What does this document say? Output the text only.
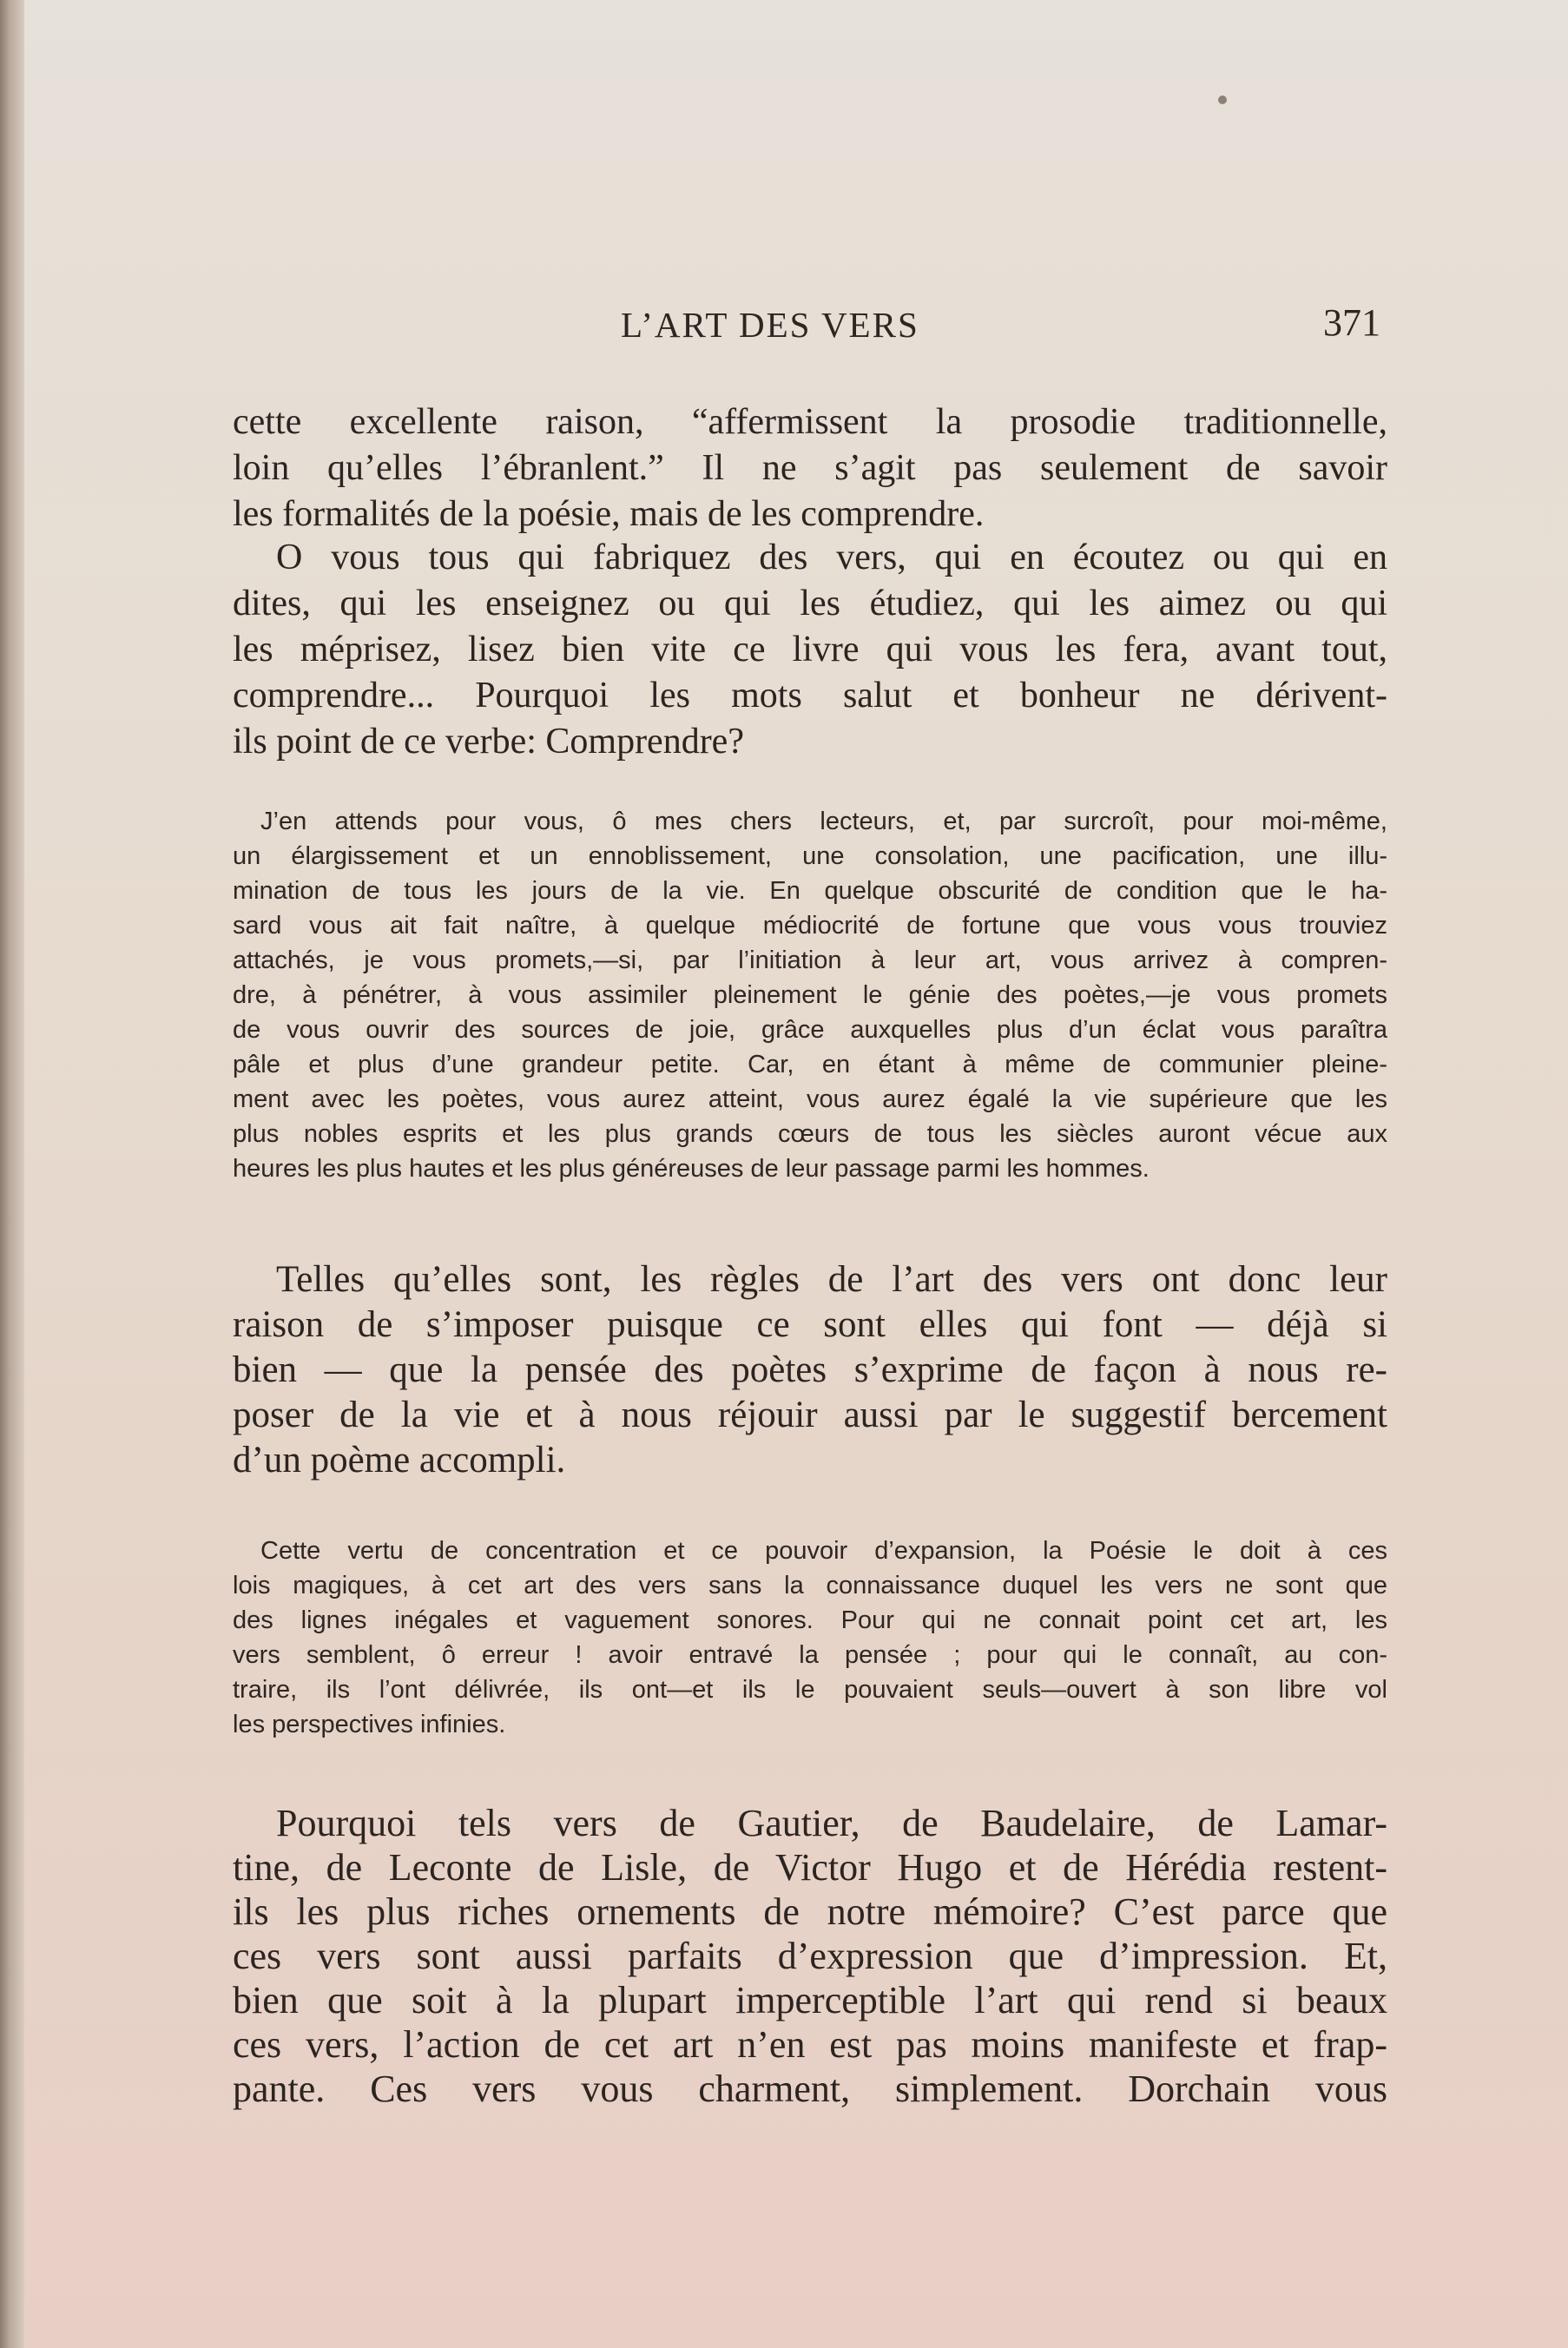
L’ART DES VERS	371
cette excellente raison, “affermissent la prosodie traditionnelle,
loin qu’elles l’ébranlent.” Il ne s’agit pas seulement de savoir
les formalités de la poésie, mais de les comprendre.
O vous tous qui fabriquez des vers, qui en écoutez ou qui en
dites, qui les enseignez ou qui les étudiez, qui les aimez ou qui
les méprisez, lisez bien vite ce livre qui vous les fera, avant tout,
comprendre... Pourquoi les mots salut et bonheur ne dérivent-
ils point de ce verbe: Comprendre?
J’en attends pour vous, ô mes chers lecteurs, et, par surcroît, pour moi-même,
un élargissement et un ennoblissement, une consolation, une pacification, une illu-
mination de tous les jours de la vie. En quelque obscurité de condition que le ha-
sard vous ait fait naître, à quelque médiocrité de fortune que vous vous trouviez
attachés, je vous promets,—si, par l’initiation à leur art, vous arrivez à compren-
dre, à pénétrer, à vous assimiler pleinement le génie des poètes,—je vous promets
de vous ouvrir des sources de joie, grâce auxquelles plus d’un éclat vous paraîtra
pâle et plus d’une grandeur petite. Car, en étant à même de communier pleine-
ment avec les poètes, vous aurez atteint, vous aurez égalé la vie supérieure que les
plus nobles esprits et les plus grands cœurs de tous les siècles auront vécue aux
heures les plus hautes et les plus généreuses de leur passage parmi les hommes.
Telles qu’elles sont, les règles de l’art des vers ont donc leur
raison de s’imposer puisque ce sont elles qui font — déjà si
bien — que la pensée des poètes s’exprime de façon à nous re-
poser de la vie et à nous réjouir aussi par le suggestif bercement
d’un poème accompli.
Cette vertu de concentration et ce pouvoir d’expansion, la Poésie le doit à ces
lois magiques, à cet art des vers sans la connaissance duquel les vers ne sont que
des lignes inégales et vaguement sonores. Pour qui ne connait point cet art, les
vers semblent, ô erreur ! avoir entravé la pensée ; pour qui le connaît, au con-
traire, ils l’ont délivrée, ils ont—et ils le pouvaient seuls—ouvert à son libre vol
les perspectives infinies.
Pourquoi tels vers de Gautier, de Baudelaire, de Lamar-
tine, de Leconte de Lisle, de Victor Hugo et de Hérédia restent-
ils les plus riches ornements de notre mémoire? C’est parce que
ces vers sont aussi parfaits d’expression que d’impression. Et,
bien que soit à la plupart imperceptible l’art qui rend si beaux
ces vers, l’action de cet art n’en est pas moins manifeste et frap-
pante. Ces vers vous charment, simplement. Dorchain vous
